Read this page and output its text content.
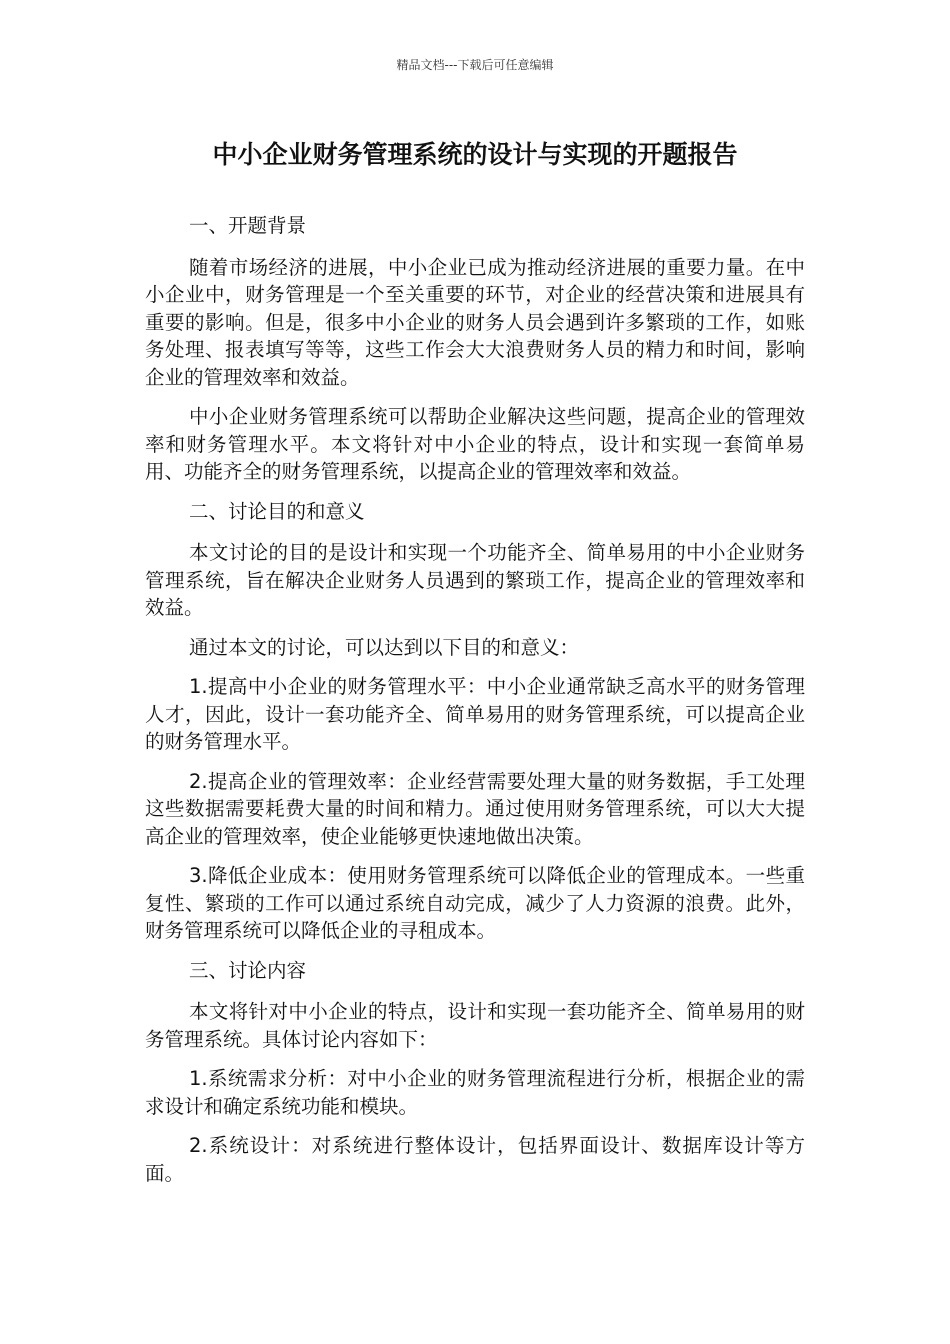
精品文档---下载后可任意编辑
中小企业财务管理系统的设计与实现的开题报告

一、开题背景

随着市场经济的进展，中小企业已成为推动经济进展的重要力量。在中小企业中，财务管理是一个至关重要的环节，对企业的经营决策和进展具有重要的影响。但是，很多中小企业的财务人员会遇到许多繁琐的工作，如账务处理、报表填写等等，这些工作会大大浪费财务人员的精力和时间，影响企业的管理效率和效益。

中小企业财务管理系统可以帮助企业解决这些问题，提高企业的管理效率和财务管理水平。本文将针对中小企业的特点，设计和实现一套简单易用、功能齐全的财务管理系统，以提高企业的管理效率和效益。

二、讨论目的和意义

本文讨论的目的是设计和实现一个功能齐全、简单易用的中小企业财务管理系统，旨在解决企业财务人员遇到的繁琐工作，提高企业的管理效率和效益。

通过本文的讨论，可以达到以下目的和意义：

1.提高中小企业的财务管理水平：中小企业通常缺乏高水平的财务管理人才，因此，设计一套功能齐全、简单易用的财务管理系统，可以提高企业的财务管理水平。

2.提高企业的管理效率：企业经营需要处理大量的财务数据，手工处理这些数据需要耗费大量的时间和精力。通过使用财务管理系统，可以大大提高企业的管理效率，使企业能够更快速地做出决策。

3.降低企业成本：使用财务管理系统可以降低企业的管理成本。一些重复性、繁琐的工作可以通过系统自动完成，减少了人力资源的浪费。此外，财务管理系统可以降低企业的寻租成本。

三、讨论内容

本文将针对中小企业的特点，设计和实现一套功能齐全、简单易用的财务管理系统。具体讨论内容如下：

1.系统需求分析：对中小企业的财务管理流程进行分析，根据企业的需求设计和确定系统功能和模块。

2.系统设计：对系统进行整体设计，包括界面设计、数据库设计等方面。
